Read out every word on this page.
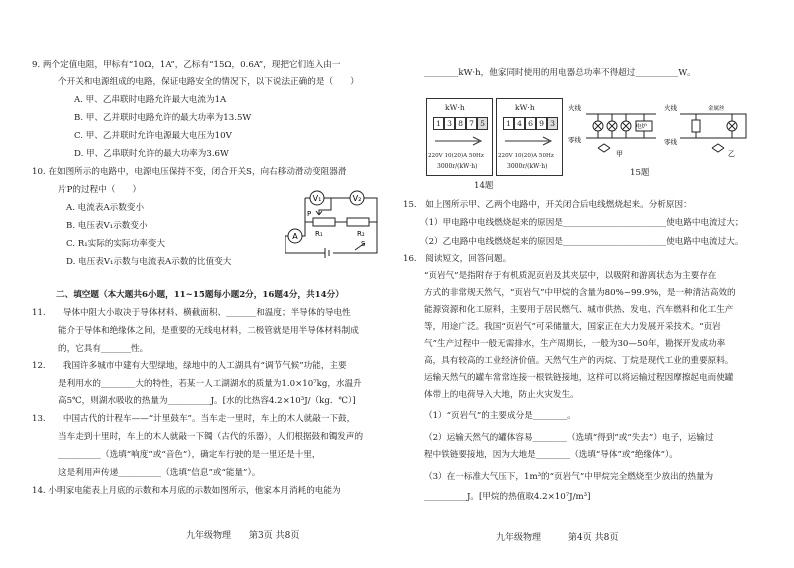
9. 两个定值电阻，甲标有“10Ω，1A”，乙标有“15Ω，0.6A”，现把它们连入由一
个开关和电源组成的电路，保证电路安全的情况下，以下说法正确的是（　　）
A. 甲、乙串联时电路允许最大电流为1A
B. 甲、乙并联时电路允许的最大功率为13.5W
C. 甲、乙并联时允许电源最大电压为10V
D. 甲、乙串联时允许的最大功率为3.6W
10. 在如图所示的电路中，电源电压保持不变，闭合开关S，向右移动滑动变阻器滑
片P的过程中（　　）
A. 电流表A示数变小
B. 电压表V₁示数变小
C. R₁实际的实际功率变大
D. 电压表V₁示数与电流表A示数的比值变大
V₁	V₂
P
R₁	R₂
A
S
二、填空题（本大题共6小题，11~15题每小题2分，16题4分，共14分）
11.　　导体中阻大小取决于导体材料、横截面积、_______和温度；半导体的导电性
能介于导体和绝缘体之间，是重要的无线电材料，二极管就是用半导体材料制成
的，它具有_______性。
12.　　我国许多城市中建有大型绿地，绿地中的人工湖具有“调节气候”功能，主要
是利用水的________大的特性，若某一人工湖湖水的质量为1.0×10⁷kg，水温升
高5℃，则湖水吸收的热量为__________J。[水的比热容4.2×10³J/（kg．℃）]
13.　　中国古代的计程车——“计里鼓车”。当车走一里时，车上的木人就敲一下鼓，
当车走到十里时，车上的木人就敲一下镯（古代的乐器），人们根据鼓和镯发声的
__________（选填“响度”或“音色”），确定车行驶的是一里还是十里，
这是利用声传递__________（选填“信息”或“能量”）。
14. 小明家电能表上月底的示数和本月底的示数如图所示，他家本月消耗的电能为
九年级物理　　第3页 共8页
________kW·h，他家同时使用的用电器总功率不得超过__________W。
kW·h
1 3 8 7 5
220V 10(20)A 50Hz
3000r/(kW·h)
kW·h
1 4 6 9 3
220V 10(20)A 50Hz
3000r/(kW·h)
14题
火线
零线
电炉
甲
火线
零线
金属丝
乙
15题
15.　如上图所示甲、乙两个电路中，开关闭合后电线燃烧起来。分析原因：
（1）甲电路中电线燃烧起来的原因是________________________使电路中电流过大；
（2）乙电路中电线燃烧起来的原因是________________________使电路中电流过大。
16.　阅读短文，回答问题。
“页岩气”是指附存于有机质泥页岩及其夹层中，以吸附和游离状态为主要存在
方式的非常规天然气，“页岩气”中甲烷的含量为80%~99.9%，是一种清洁高效的
能源资源和化工原料，主要用于居民燃气、城市供热、发电、汽车燃料和化工生产
等，用途广泛。我国“页岩气”可采储量大，国家正在大力发展开采技术。“页岩
气”生产过程中一般无需排水，生产周期长，一般为30—50年，勘探开发成功率
高，具有较高的工业经济价值。天然气生产的丙烷、丁烷是现代工业的重要原料。
运输天然气的罐车常常连接一根铁链接地，这样可以将运输过程因摩擦起电而使罐
体带上的电荷导入大地，防止火灾发生。
（1）“页岩气”的主要成分是________。
（2）运输天然气的罐体容易________（选填“得到”或“失去”）电子，运输过
程中铁链要接地，因为大地是________（选填“导体”或“绝缘体”）。
（3）在一标准大气压下，1m³的“页岩气”中甲烷完全燃烧至少放出的热量为
__________J。[甲烷的热值取4.2×10⁷J/m³]
九年级物理　　　第4页 共8页
